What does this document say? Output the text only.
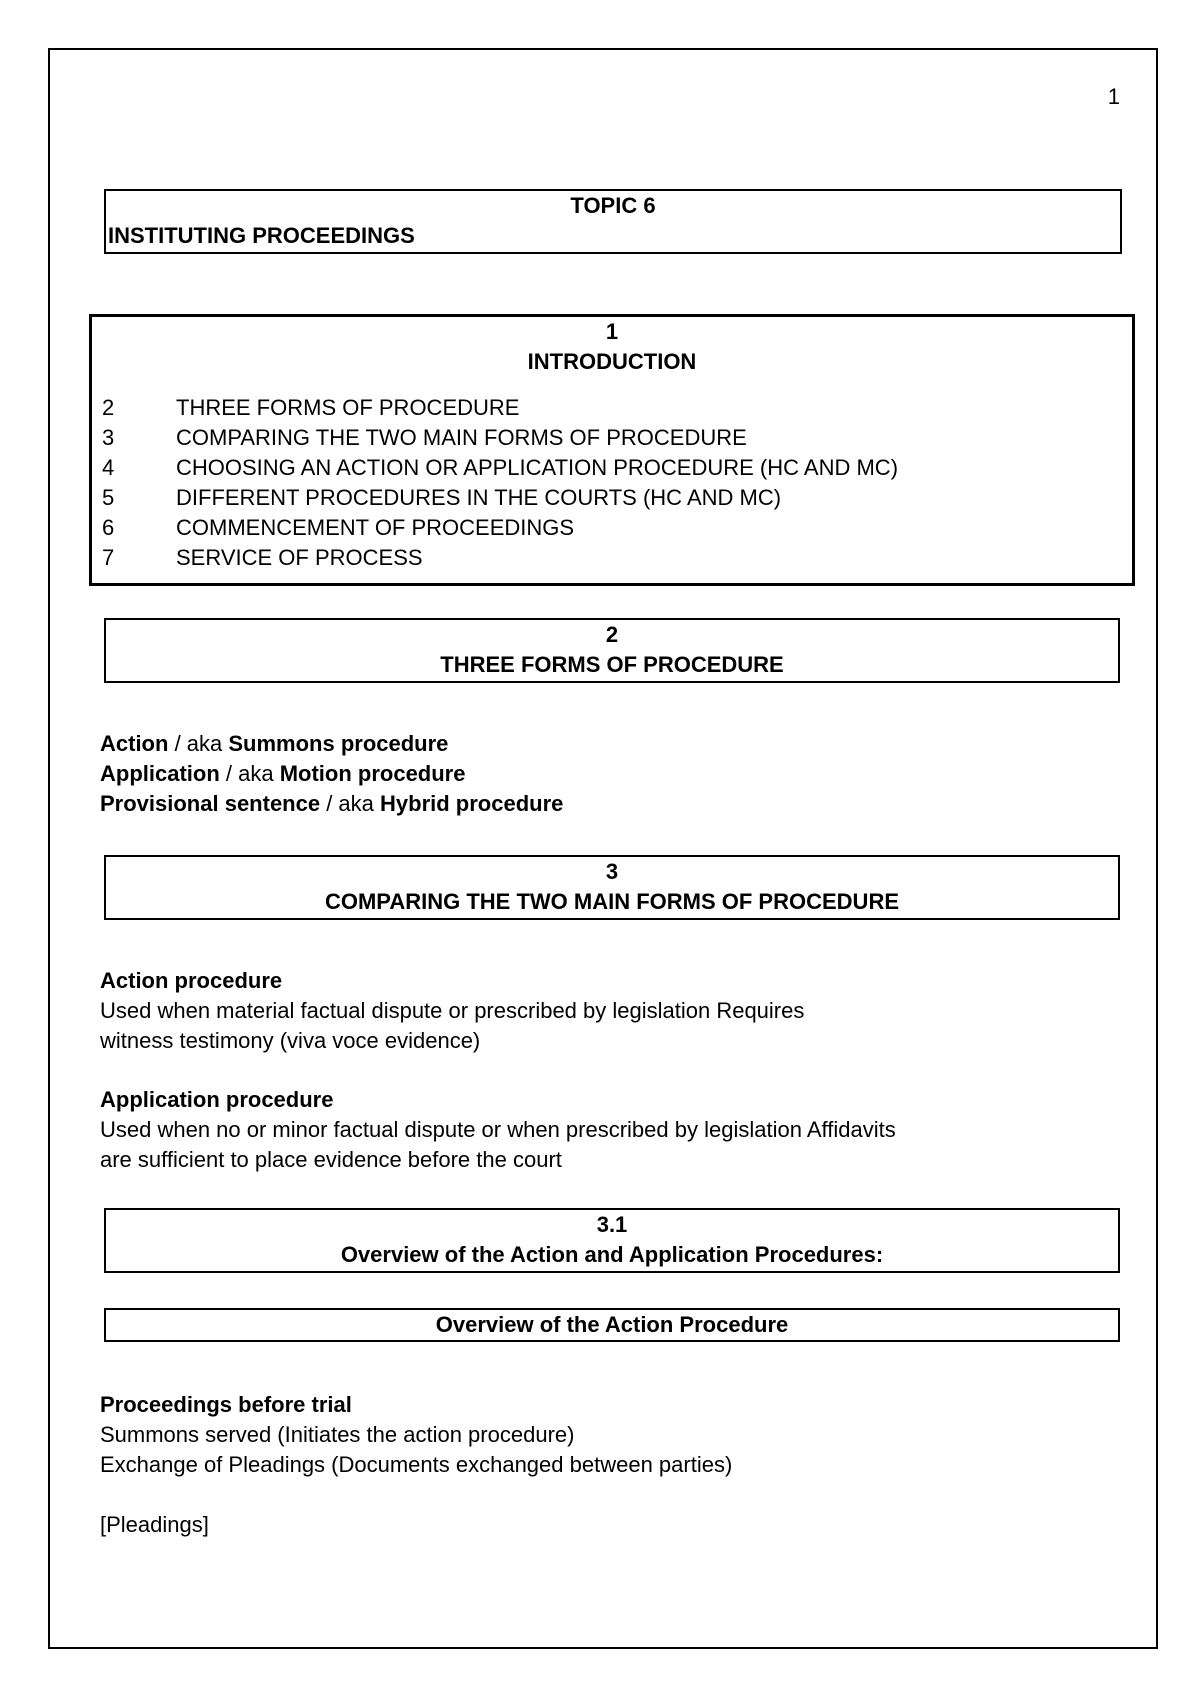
1
TOPIC 6
INSTITUTING PROCEEDINGS
1
INTRODUCTION
2	THREE FORMS OF PROCEDURE
3	COMPARING THE TWO MAIN FORMS OF PROCEDURE
4	CHOOSING AN ACTION OR APPLICATION PROCEDURE (HC AND MC)
5	DIFFERENT PROCEDURES IN THE COURTS (HC AND MC)
6	COMMENCEMENT OF PROCEEDINGS
7	SERVICE OF PROCESS
2
THREE FORMS OF PROCEDURE

Action / aka Summons procedure

Application / aka Motion procedure

Provisional sentence / aka Hybrid procedure

3
COMPARING THE TWO MAIN FORMS OF PROCEDURE

Action procedure

Used when material factual dispute or prescribed by legislation Requires

witness testimony (viva voce evidence)

Application procedure

Used when no or minor factual dispute or when prescribed by legislation Affidavits

are sufficient to place evidence before the court

3.1
Overview of the Action and Application Procedures:
Overview of the Action Procedure

Proceedings before trial

Summons served (Initiates the action procedure)

Exchange of Pleadings (Documents exchanged between parties)

[Pleadings]
